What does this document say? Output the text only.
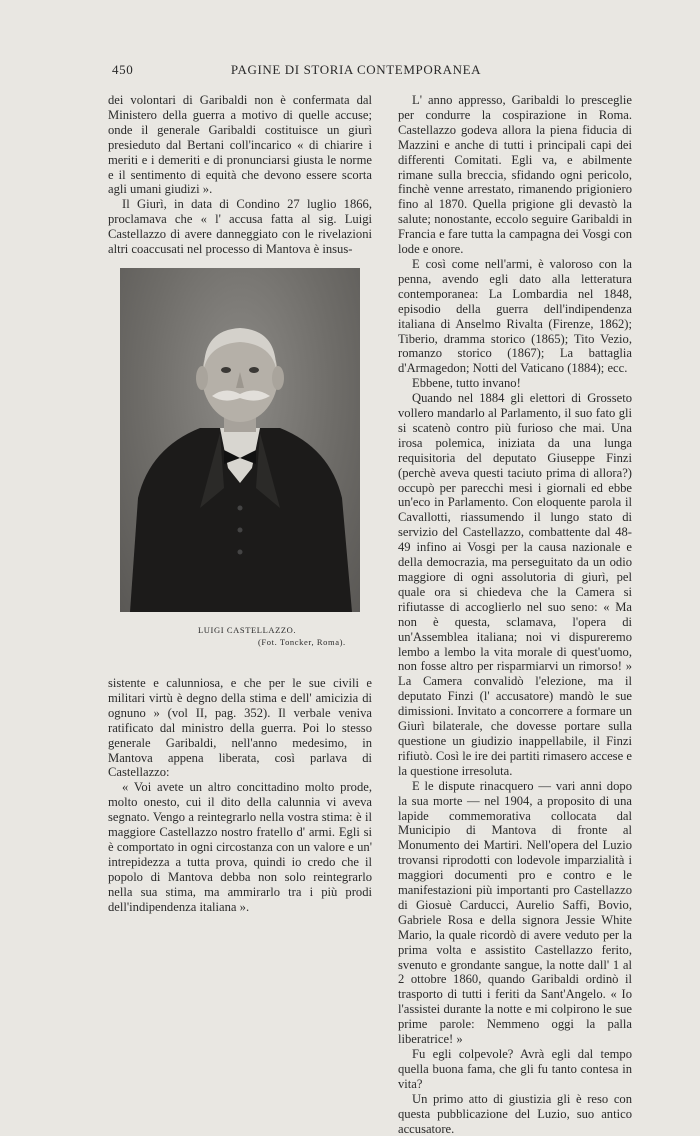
450	PAGINE DI STORIA CONTEMPORANEA

dei volontari di Garibaldi non è confermata dal Ministero della guerra a motivo di quelle accuse; onde il generale Garibaldi costituisce un giurì presieduto dal Bertani coll'incarico « di chiarire i meriti e i demeriti e di pronunciarsi giusta le norme e il sentimento di equità che devono essere scorta agli umani giudizi ».

Il Giurì, in data di Condino 27 luglio 1866, proclamava che « l' accusa fatta al sig. Luigi Castellazzo di avere danneggiato con le rivelazioni altri coaccusati nel processo di Mantova è insus-

LUIGI CASTELLAZZO.
(Fot. Toncker, Roma).

sistente e calunniosa, e che per le sue civili e militari virtù è degno della stima e dell' amicizia di ognuno » (vol II, pag. 352). Il verbale veniva ratificato dal ministro della guerra. Poi lo stesso generale Garibaldi, nell'anno medesimo, in Mantova appena liberata, così parlava di Castellazzo:

« Voi avete un altro concittadino molto prode, molto onesto, cui il dito della calunnia vi aveva segnato. Vengo a reintegrarlo nella vostra stima: è il maggiore Castellazzo nostro fratello d' armi. Egli si è comportato in ogni circostanza con un valore e un' intrepidezza a tutta prova, quindi io credo che il popolo di Mantova debba non solo reintegrarlo nella sua stima, ma ammirarlo tra i più prodi dell'indipendenza italiana ».

L' anno appresso, Garibaldi lo presceglie per condurre la cospirazione in Roma. Castellazzo godeva allora la piena fiducia di Mazzini e anche di tutti i principali capi dei differenti Comitati. Egli va, e abilmente rimane sulla breccia, sfidando ogni pericolo, finchè venne arrestato, rimanendo prigioniero fino al 1870. Quella prigione gli devastò la salute; nonostante, eccolo seguire Garibaldi in Francia e fare tutta la campagna dei Vosgi con lode e onore.

E così come nell'armi, è valoroso con la penna, avendo egli dato alla letteratura contemporanea: La Lombardia nel 1848, episodio della guerra dell'indipendenza italiana di Anselmo Rivalta (Firenze, 1862); Tiberio, dramma storico (1865); Tito Vezio, romanzo storico (1867); La battaglia d'Armagedon; Notti del Vaticano (1884); ecc.

Ebbene, tutto invano!

Quando nel 1884 gli elettori di Grosseto vollero mandarlo al Parlamento, il suo fato gli si scatenò contro più furioso che mai. Una irosa polemica, iniziata da una lunga requisitoria del deputato Giuseppe Finzi (perchè aveva questi taciuto prima di allora?) occupò per parecchi mesi i giornali ed ebbe un'eco in Parlamento. Con eloquente parola il Cavallotti, riassumendo il lungo stato di servizio del Castellazzo, combattente dal 48-49 infino ai Vosgi per la causa nazionale e della democrazia, ma perseguitato da un odio maggiore di ogni assolutoria di giurì, pel quale ora si chiedeva che la Camera si rifiutasse di accoglierlo nel suo seno: « Ma non è questa, sclamava, l'opera di un'Assemblea italiana; noi vi dispureremo lembo a lembo la vita morale di quest'uomo, non fosse altro per risparmiarvi un rimorso! » La Camera convalidò l'elezione, ma il deputato Finzi (l' accusatore) mandò le sue dimissioni. Invitato a concorrere a formare un Giurì bilaterale, che dovesse portare sulla questione un giudizio inappellabile, il Finzi rifiutò. Così le ire dei partiti rimasero accese e la questione irresoluta.

E le dispute rinacquero — vari anni dopo la sua morte — nel 1904, a proposito di una lapide commemorativa collocata dal Municipio di Mantova di fronte al Monumento dei Martiri. Nell'opera del Luzio trovansi riprodotti con lodevole imparzialità i maggiori documenti pro e contro e le manifestazioni più importanti pro Castellazzo di Giosuè Carducci, Aurelio Saffi, Bovio, Gabriele Rosa e della signora Jessie White Mario, la quale ricordò di avere veduto per la prima volta e assistito Castellazzo ferito, svenuto e grondante sangue, la notte dall' 1 al 2 ottobre 1860, quando Garibaldi ordinò il trasporto di tutti i feriti da Sant'Angelo. « Io l'assistei durante la notte e mi colpirono le sue prime parole: Nemmeno oggi la palla liberatrice! »

Fu egli colpevole? Avrà egli dal tempo quella buona fama, che gli fu tanto contesa in vita?

Un primo atto di giustizia gli è reso con questa pubblicazione del Luzio, suo antico accusatore.
